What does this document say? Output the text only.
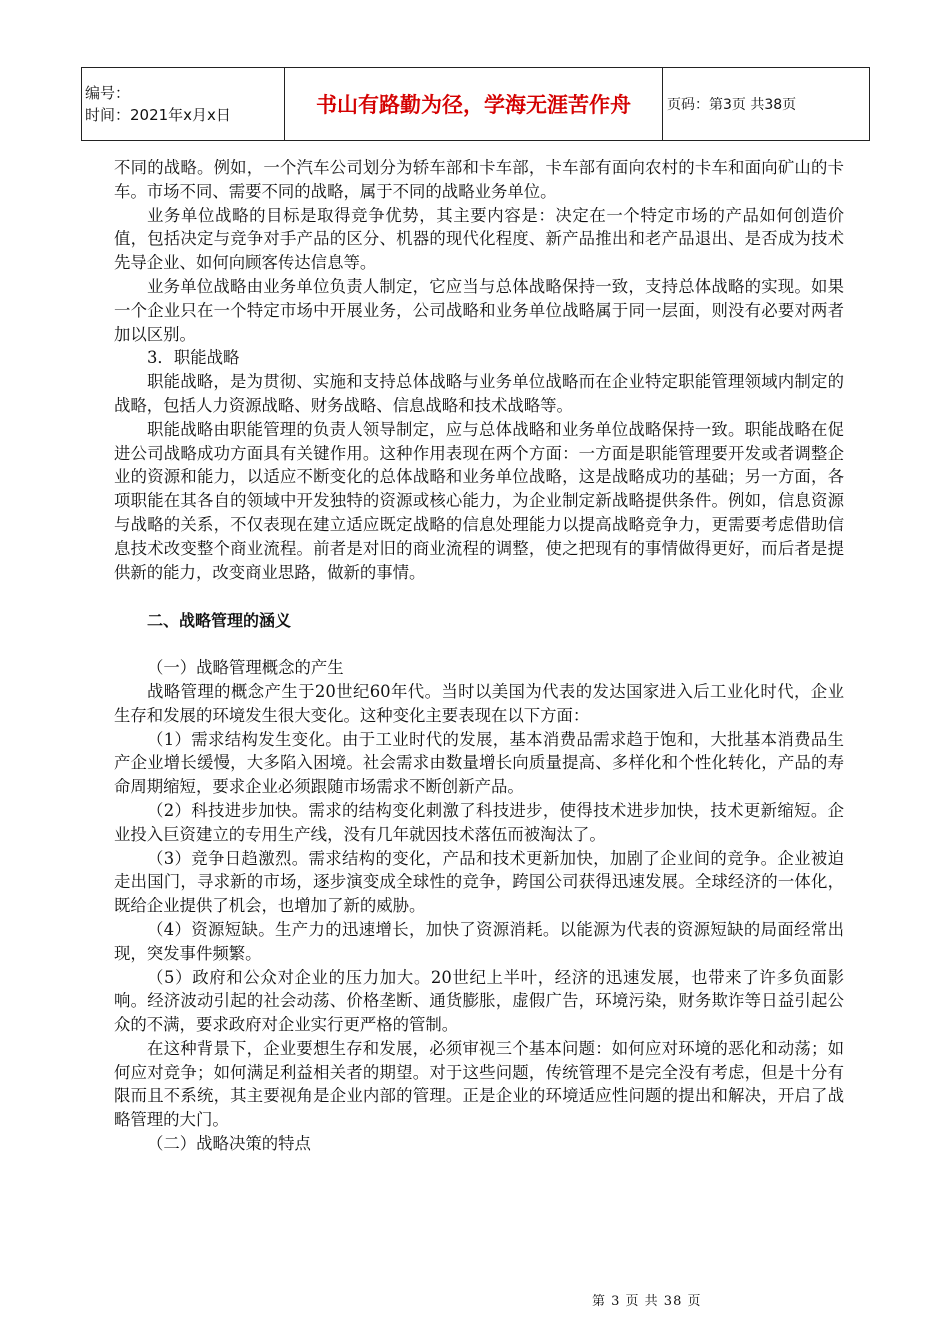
编号：
时间：2021年x月x日	书山有路勤为径，学海无涯苦作舟	页码：第3页 共38页

不同的战略。例如，一个汽车公司划分为轿车部和卡车部，卡车部有面向农村的卡车和面向矿山的卡车。市场不同、需要不同的战略，属于不同的战略业务单位。

业务单位战略的目标是取得竞争优势，其主要内容是：决定在一个特定市场的产品如何创造价值，包括决定与竞争对手产品的区分、机器的现代化程度、新产品推出和老产品退出、是否成为技术先导企业、如何向顾客传达信息等。

业务单位战略由业务单位负责人制定，它应当与总体战略保持一致，支持总体战略的实现。如果一个企业只在一个特定市场中开展业务，公司战略和业务单位战略属于同一层面，则没有必要对两者加以区别。

3．职能战略

职能战略，是为贯彻、实施和支持总体战略与业务单位战略而在企业特定职能管理领域内制定的战略，包括人力资源战略、财务战略、信息战略和技术战略等。

职能战略由职能管理的负责人领导制定，应与总体战略和业务单位战略保持一致。职能战略在促进公司战略成功方面具有关键作用。这种作用表现在两个方面：一方面是职能管理要开发或者调整企业的资源和能力，以适应不断变化的总体战略和业务单位战略，这是战略成功的基础；另一方面，各项职能在其各自的领域中开发独特的资源或核心能力，为企业制定新战略提供条件。例如，信息资源与战略的关系，不仅表现在建立适应既定战略的信息处理能力以提高战略竞争力，更需要考虑借助信息技术改变整个商业流程。前者是对旧的商业流程的调整，使之把现有的事情做得更好，而后者是提供新的能力，改变商业思路，做新的事情。

二、战略管理的涵义

（一）战略管理概念的产生

战略管理的概念产生于20世纪60年代。当时以美国为代表的发达国家进入后工业化时代，企业生存和发展的环境发生很大变化。这种变化主要表现在以下方面：

（1）需求结构发生变化。由于工业时代的发展，基本消费品需求趋于饱和，大批基本消费品生产企业增长缓慢，大多陷入困境。社会需求由数量增长向质量提高、多样化和个性化转化，产品的寿命周期缩短，要求企业必须跟随市场需求不断创新产品。

（2）科技进步加快。需求的结构变化刺激了科技进步，使得技术进步加快，技术更新缩短。企业投入巨资建立的专用生产线，没有几年就因技术落伍而被淘汰了。

（3）竞争日趋激烈。需求结构的变化，产品和技术更新加快，加剧了企业间的竞争。企业被迫走出国门，寻求新的市场，逐步演变成全球性的竞争，跨国公司获得迅速发展。全球经济的一体化，既给企业提供了机会，也增加了新的威胁。

（4）资源短缺。生产力的迅速增长，加快了资源消耗。以能源为代表的资源短缺的局面经常出现，突发事件频繁。

（5）政府和公众对企业的压力加大。20世纪上半叶，经济的迅速发展，也带来了许多负面影响。经济波动引起的社会动荡、价格垄断、通货膨胀，虚假广告，环境污染，财务欺诈等日益引起公众的不满，要求政府对企业实行更严格的管制。

在这种背景下，企业要想生存和发展，必须审视三个基本问题：如何应对环境的恶化和动荡；如何应对竞争；如何满足利益相关者的期望。对于这些问题，传统管理不是完全没有考虑，但是十分有限而且不系统，其主要视角是企业内部的管理。正是企业的环境适应性问题的提出和解决，开启了战略管理的大门。

（二）战略决策的特点

第 3 页 共 38 页
